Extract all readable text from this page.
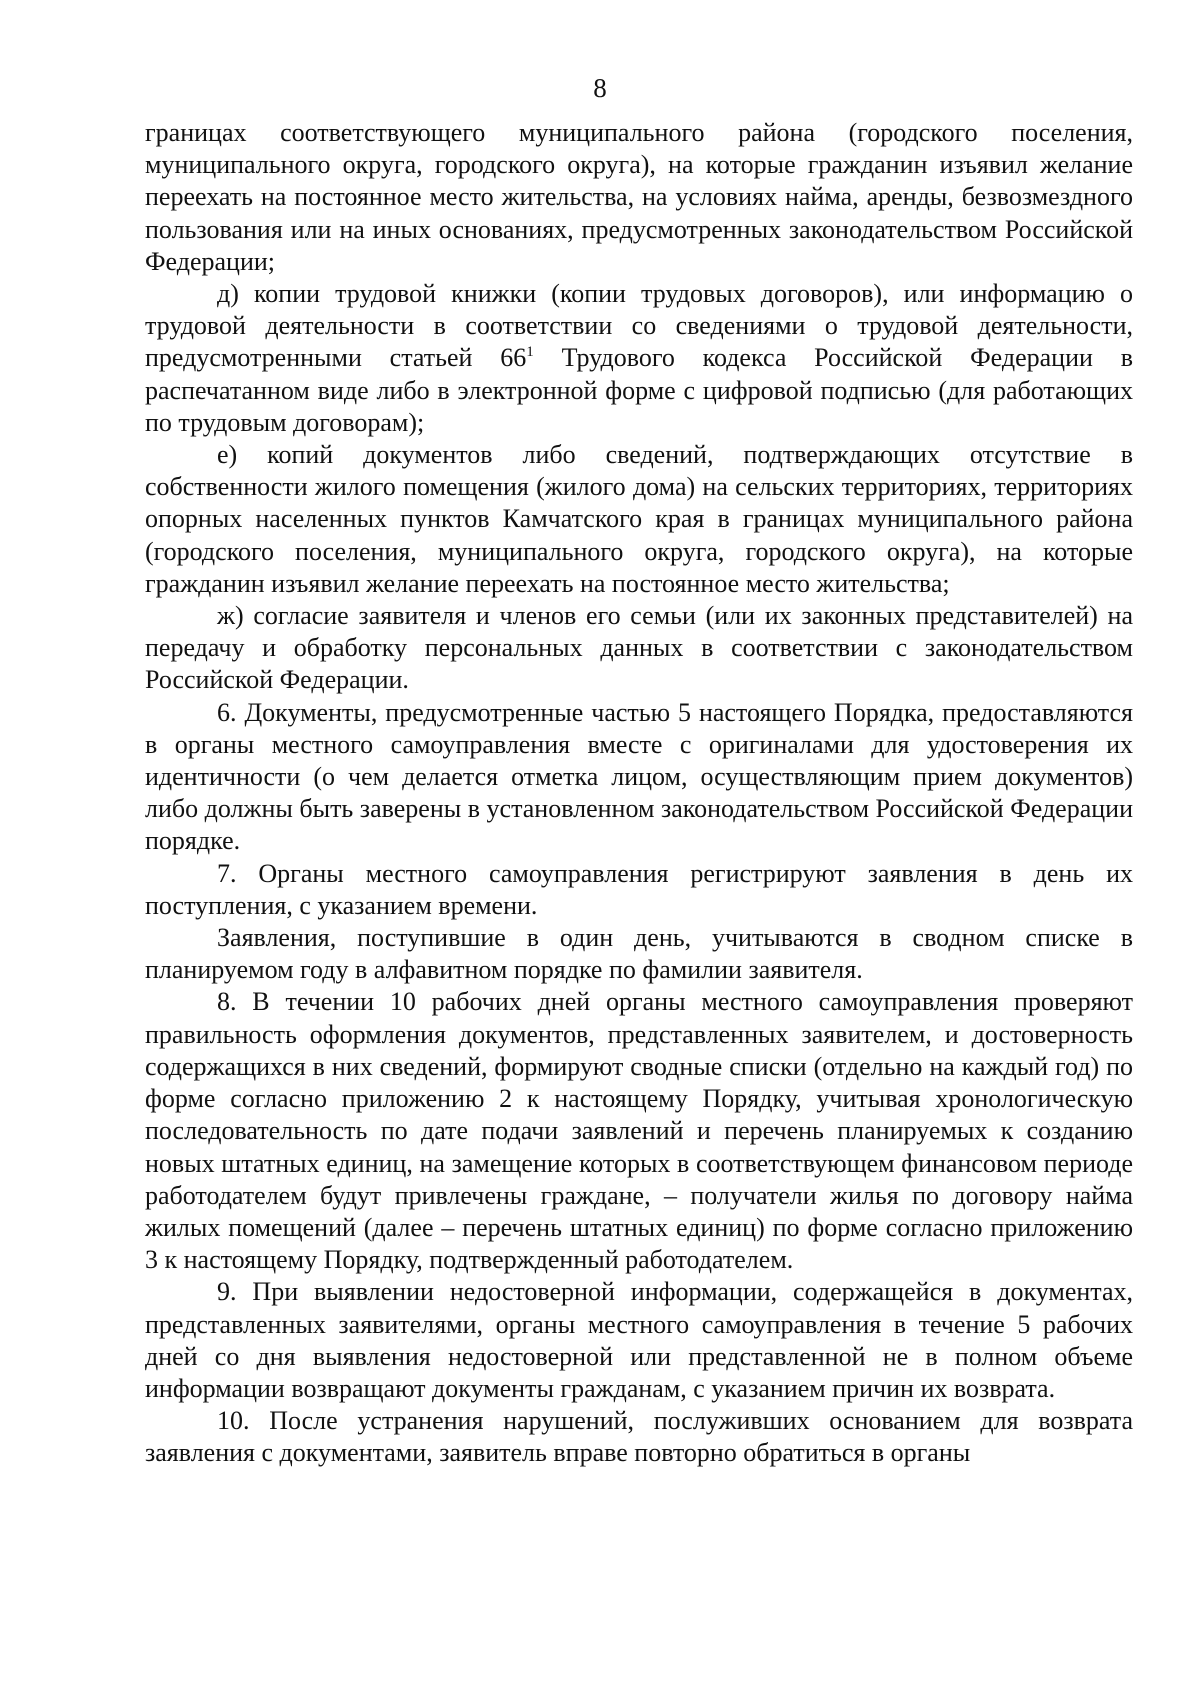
8

границах соответствующего муниципального района (городского поселения, муниципального округа, городского округа), на которые гражданин изъявил желание переехать на постоянное место жительства, на условиях найма, аренды, безвозмездного пользования или на иных основаниях, предусмотренных законодательством Российской Федерации;

д) копии трудовой книжки (копии трудовых договоров), или информацию о трудовой деятельности в соответствии со сведениями о трудовой деятельности, предусмотренными статьей $66^1$ Трудового кодекса Российской Федерации в распечатанном виде либо в электронной форме с цифровой подписью (для работающих по трудовым договорам);

е) копий документов либо сведений, подтверждающих отсутствие в собственности жилого помещения (жилого дома) на сельских территориях, территориях опорных населенных пунктов Камчатского края в границах муниципального района (городского поселения, муниципального округа, городского округа), на которые гражданин изъявил желание переехать на постоянное место жительства;

ж) согласие заявителя и членов его семьи (или их законных представителей) на передачу и обработку персональных данных в соответствии с законодательством Российской Федерации.

6. Документы, предусмотренные частью 5 настоящего Порядка, предоставляются в органы местного самоуправления вместе с оригиналами для удостоверения их идентичности (о чем делается отметка лицом, осуществляющим прием документов) либо должны быть заверены в установленном законодательством Российской Федерации порядке.

7. Органы местного самоуправления регистрируют заявления в день их поступления, с указанием времени.

Заявления, поступившие в один день, учитываются в сводном списке в планируемом году в алфавитном порядке по фамилии заявителя.

8. В течении 10 рабочих дней органы местного самоуправления проверяют правильность оформления документов, представленных заявителем, и достоверность содержащихся в них сведений, формируют сводные списки (отдельно на каждый год) по форме согласно приложению 2 к настоящему Порядку, учитывая хронологическую последовательность по дате подачи заявлений и перечень планируемых к созданию новых штатных единиц, на замещение которых в соответствующем финансовом периоде работодателем будут привлечены граждане, – получатели жилья по договору найма жилых помещений (далее – перечень штатных единиц) по форме согласно приложению 3 к настоящему Порядку, подтвержденный работодателем.

9. При выявлении недостоверной информации, содержащейся в документах, представленных заявителями, органы местного самоуправления в течение 5 рабочих дней со дня выявления недостоверной или представленной не в полном объеме информации возвращают документы гражданам, с указанием причин их возврата.

10. После устранения нарушений, послуживших основанием для возврата заявления с документами, заявитель вправе повторно обратиться в органы
